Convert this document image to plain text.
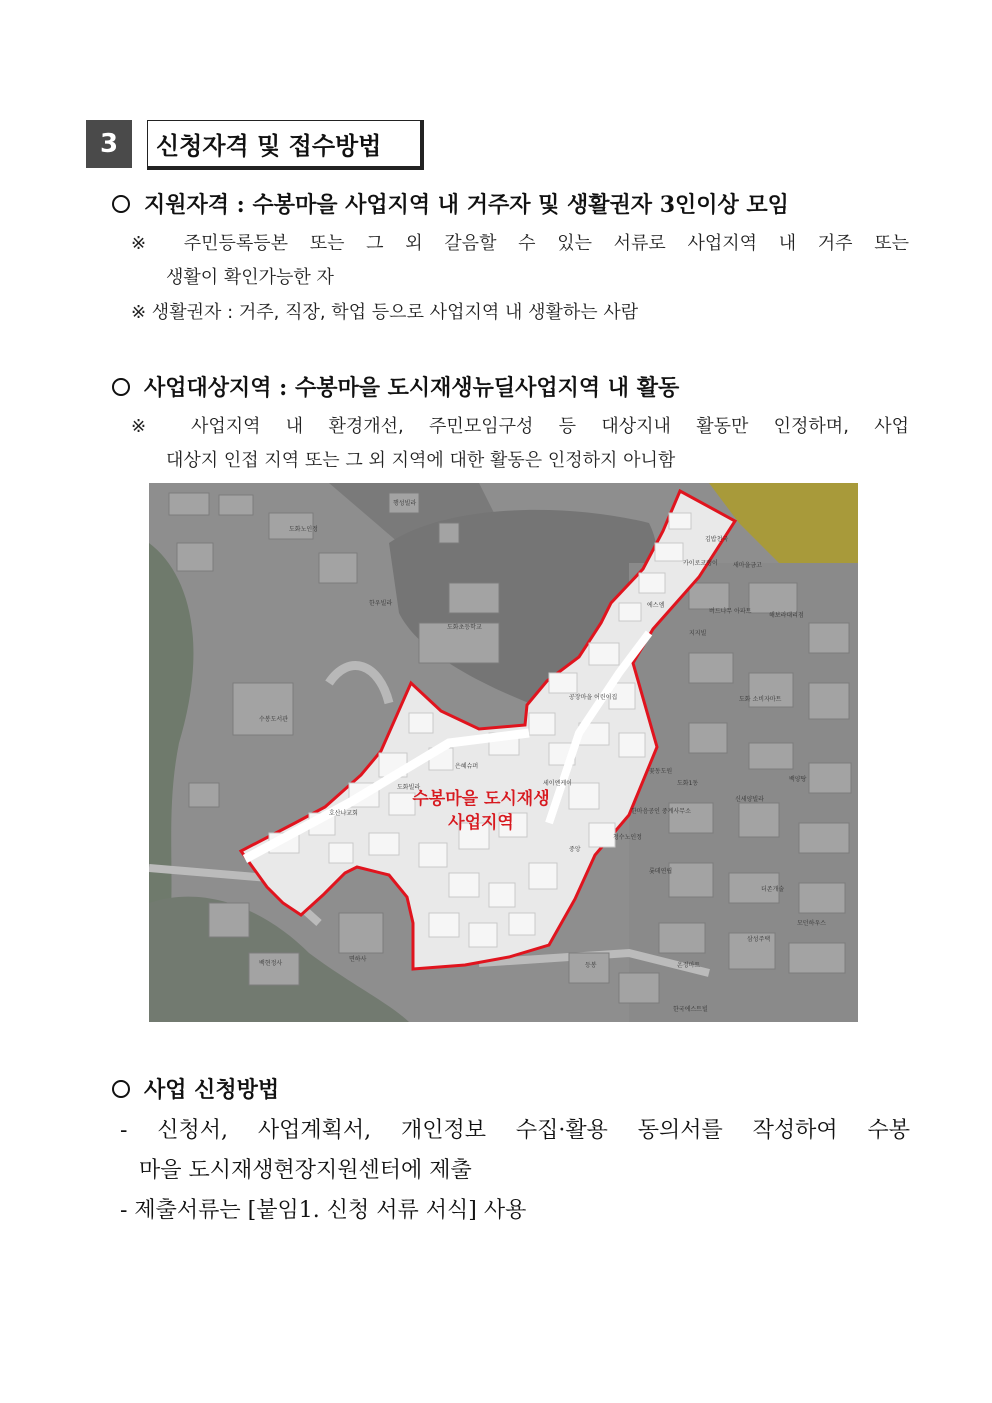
3	신청자격 및 접수방법
지원자격 : 수봉마을 사업지역 내 거주자 및 생활권자 3인이상 모임
※ 주민등록등본 또는 그 외 갈음할 수 있는 서류로 사업지역 내 거주 또는
생활이 확인가능한 자
※ 생활권자 : 거주, 직장, 학업 등으로 사업지역 내 생활하는 사람
사업대상지역 : 수봉마을 도시재생뉴딜사업지역 내 활동
※ 사업지역 내 환경개선, 주민모임구성 등 대상지내 활동만 인정하며, 사업
대상지 인접 지역 또는 그 외 지역에 대한 활동은 인정하지 아니함
행성빌라
도화노인정
한우빌라
도화초등학교
수봉도서관
은혜슈퍼
도화빌라
호산나교회
세이엔케이
공장마을 어린이집
김밥천국
카이로코랭이	새마을금고
에스엠
버드나무 아파트
해보라대리점
지지빌
도화 소비자마트
꽃동도원
신세양빌라
도화1동
한마음공인 중계사무소
청수노인정
중앙
롯데연립
더존개술
모던하우스
삼성주택
온정마트
한국에스트빌
백양탕
백현정사
면하사
등봉
수봉마을 도시재생
사업지역
사업 신청방법
- 신청서, 사업계획서, 개인정보 수집·활용 동의서를 작성하여 수봉
마을 도시재생현장지원센터에 제출
- 제출서류는 [붙임1. 신청 서류 서식] 사용
